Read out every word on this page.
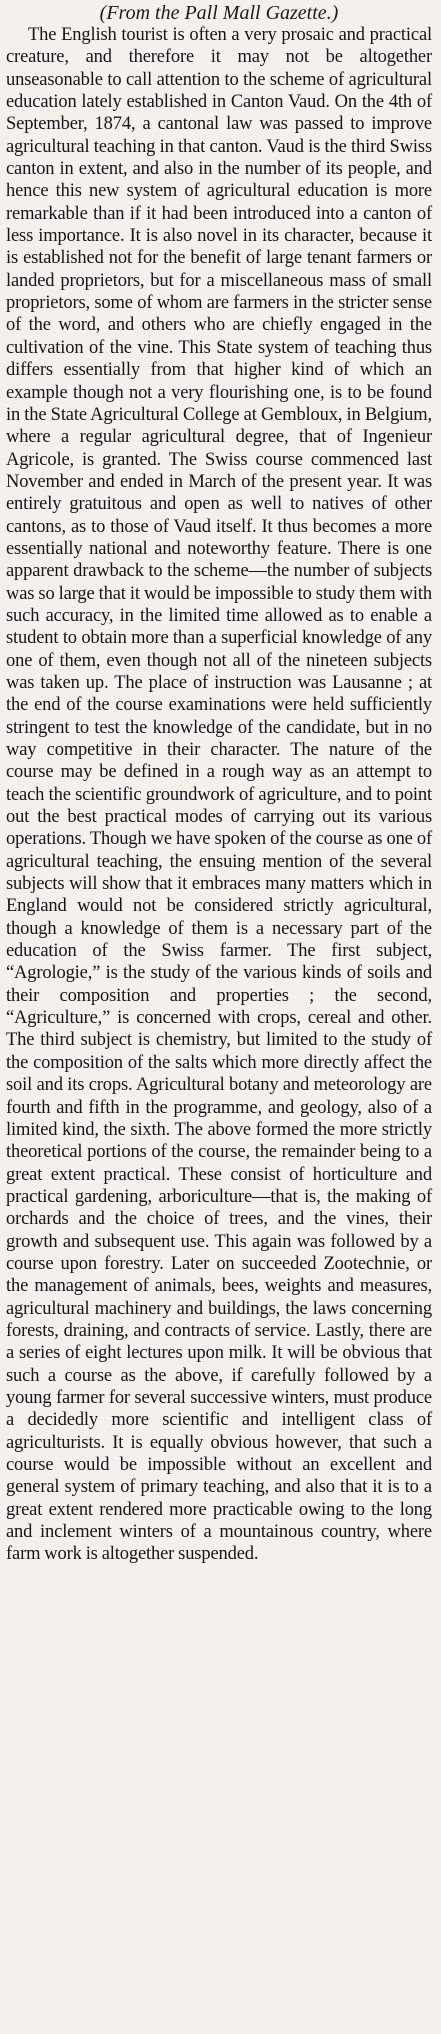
(From the Pall Mall Gazette.)

The English tourist is often a very prosaic and practical creature, and therefore it may not be altogether unseasonable to call attention to the scheme of agricultural education lately established in Canton Vaud. On the 4th of September, 1874, a cantonal law was passed to improve agricultural teaching in that canton. Vaud is the third Swiss canton in extent, and also in the number of its people, and hence this new system of agricultural education is more remarkable than if it had been introduced into a canton of less importance. It is also novel in its character, because it is established not for the benefit of large tenant farmers or landed proprietors, but for a miscellaneous mass of small proprietors, some of whom are farmers in the stricter sense of the word, and others who are chiefly engaged in the cultivation of the vine. This State system of teaching thus differs essentially from that higher kind of which an example though not a very flourishing one, is to be found in the State Agricultural College at Gembloux, in Belgium, where a regular agricultural degree, that of Ingenieur Agricole, is granted. The Swiss course commenced last November and ended in March of the present year. It was entirely gratuitous and open as well to natives of other cantons, as to those of Vaud itself. It thus becomes a more essentially national and noteworthy feature. There is one apparent drawback to the scheme—the number of subjects was so large that it would be impossible to study them with such accuracy, in the limited time allowed as to enable a student to obtain more than a superficial knowledge of any one of them, even though not all of the nineteen subjects was taken up. The place of instruction was Lausanne ; at the end of the course examinations were held sufficiently stringent to test the knowledge of the candidate, but in no way competitive in their character. The nature of the course may be defined in a rough way as an attempt to teach the scientific groundwork of agriculture, and to point out the best practical modes of carrying out its various operations. Though we have spoken of the course as one of agricultural teaching, the ensuing mention of the several subjects will show that it embraces many matters which in England would not be considered strictly agricultural, though a knowledge of them is a necessary part of the education of the Swiss farmer. The first subject, “Agrologie,” is the study of the various kinds of soils and their composition and properties ; the second, “Agriculture,” is concerned with crops, cereal and other. The third subject is chemistry, but limited to the study of the composition of the salts which more directly affect the soil and its crops. Agricultural botany and meteorology are fourth and fifth in the programme, and geology, also of a limited kind, the sixth. The above formed the more strictly theoretical portions of the course, the remainder being to a great extent practical. These consist of horticulture and practical gardening, arboriculture—that is, the making of orchards and the choice of trees, and the vines, their growth and subsequent use. This again was followed by a course upon forestry. Later on succeeded Zootechnie, or the management of animals, bees, weights and measures, agricultural machinery and buildings, the laws concerning forests, draining, and contracts of service. Lastly, there are a series of eight lectures upon milk. It will be obvious that such a course as the above, if carefully followed by a young farmer for several successive winters, must produce a decidedly more scientific and intelligent class of agriculturists. It is equally obvious however, that such a course would be impossible without an excellent and general system of primary teaching, and also that it is to a great extent rendered more practicable owing to the long and inclement winters of a mountainous country, where farm work is altogether suspended.
